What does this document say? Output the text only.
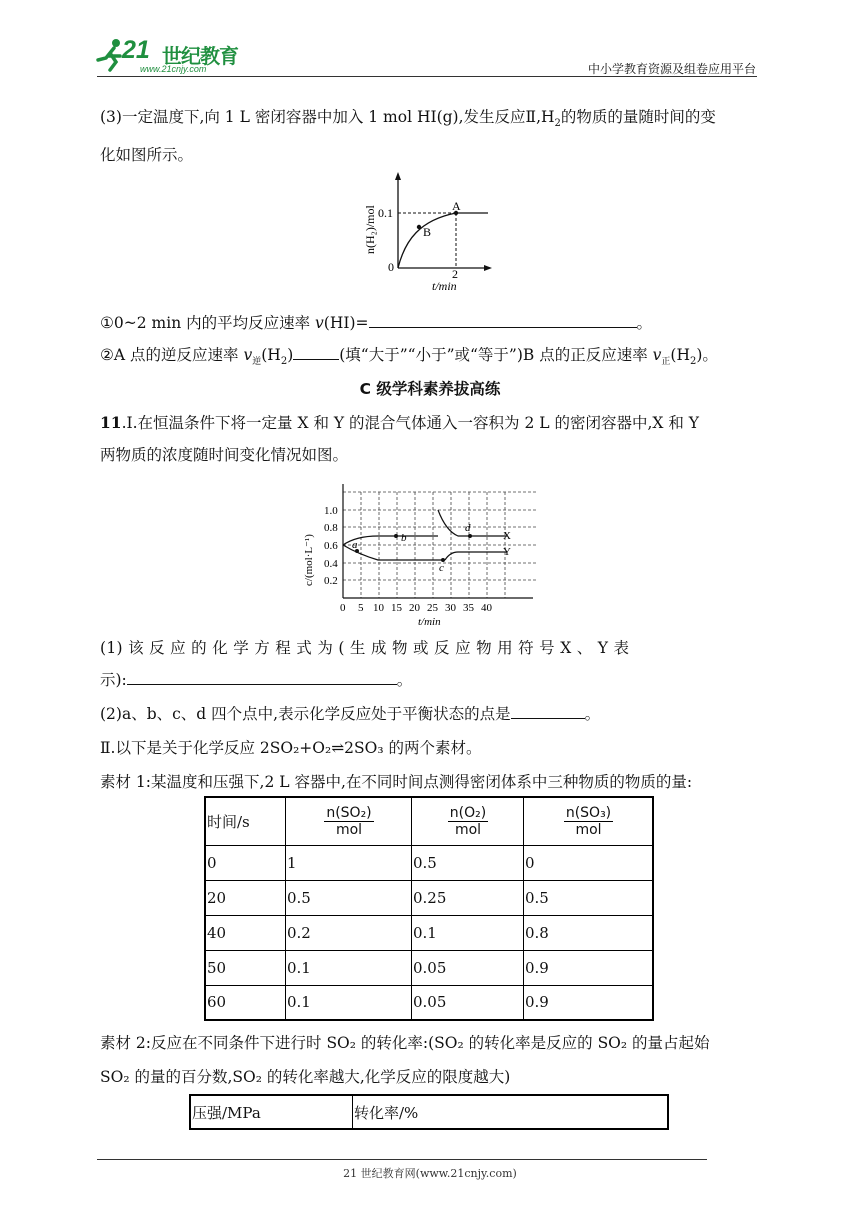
21 世纪教育
www.21cnjy.com	中小学教育资源及组卷应用平台
(3)一定温度下,向 1 L 密闭容器中加入 1 mol HI(g),发生反应$Ⅱ,H_2$的物质的量随时间的变
化如图所示。
A
B
0.1
2
0
t/min
n(H₂)/mol
①0~2 min 内的平均反应速率 v(HI)=	。
②A 点的逆反应速率 $v_逆(H_2)$	(填“大于”“小于”或“等于”)B 点的正反应速率 $v_正(H_2)$。
C 级学科素养拔高练
11.Ⅰ.在恒温条件下将一定量 X 和 Y 的混合气体通入一容积为 2 L 的密闭容器中,X 和 Y
两物质的浓度随时间变化情况如图。
a
b
c
d
X
Y
1.0
0.8
0.6
0.4
0.2
0 5 10 15 20 25 30 35 40
t/min
c/(mol·L⁻¹)
(1) 该 反 应 的 化 学 方 程 式 为 ( 生 成 物 或 反 应 物 用 符 号 X 、 Y 表
示):	。
(2)a、b、c、d 四个点中,表示化学反应处于平衡状态的点是	。
Ⅱ.以下是关于化学反应 2SO₂+O₂⇌2SO₃ 的两个素材。
素材 1:某温度和压强下,2 L 容器中,在不同时间点测得密闭体系中三种物质的物质的量:
时间/s	$\frac{\text{n(SO₂)}}{\text{mol}}$	$\frac{\text{n(O₂)}}{\text{mol}}$	$\frac{\text{n(SO₃)}}{\text{mol}}$

0	1	0.5	0
20	0.5	0.25	0.5
40	0.2	0.1	0.8
50	0.1	0.05	0.9
60	0.1	0.05	0.9
素材 2:反应在不同条件下进行时 SO₂ 的转化率:(SO₂ 的转化率是反应的 SO₂ 的量占起始
SO₂ 的量的百分数,SO₂ 的转化率越大,化学反应的限度越大)
压强/MPa	转化率/%
21 世纪教育网(www.21cnjy.com)
